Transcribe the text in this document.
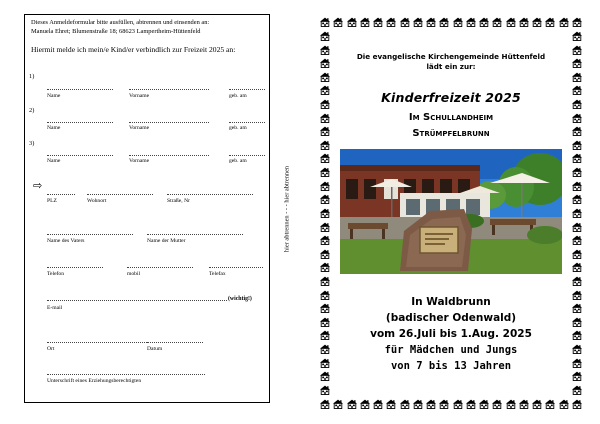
Dieses Anmeldeformular bitte ausfüllen, abtrennen und einsenden an:
Manuela Ehret; Blumenstraße 18; 68623 Lampertheim-Hüttenfeld
Hiermit melde ich mein/e Kind/er verbindlich zur Freizeit 2025 an:
1)
Name	Vorname	geb. am
2)
Name	Vorname	geb. am
3)
Name	Vorname	geb. am
⇨
PLZ	Wohnort	Straße, Nr
Name des Vaters	Name der Mutter
Telefon	mobil	Telefax
(wichtig!)
E-mail
Ort	Datum
Unterschrift eines Erziehungsberechtigten
hier abtrennen - - - hier abtrennen
Die evangelische Kirchengemeinde Hüttenfeld
lädt ein zur:
Kinderfreizeit 2025
Im Schullandheim
Strümpfelbrunn
In Waldbrunn
(badischer Odenwald)
vom 26.Juli bis 1.Aug. 2025
für Mädchen und Jungs
von 7 bis 13 Jahren
